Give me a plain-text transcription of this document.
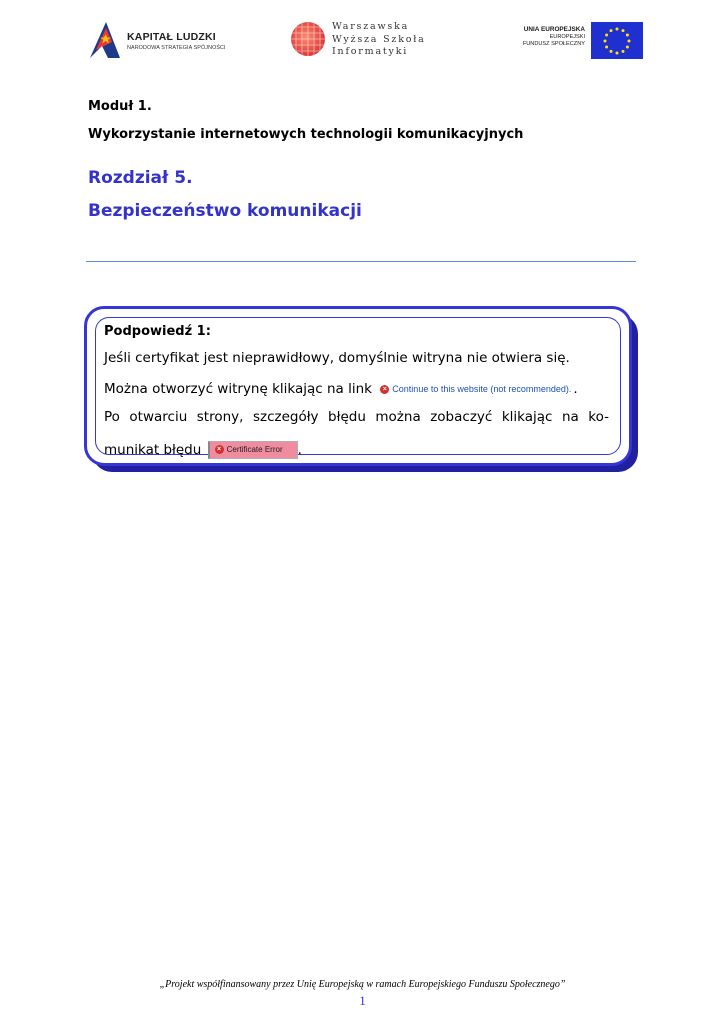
KAPITAŁ LUDZKI
NARODOWA STRATEGIA SPÓJNOŚCI
Warszawska
Wyższa Szkoła
Informatyki
UNIA EUROPEJSKA
EUROPEJSKI
FUNDUSZ SPOŁECZNY
Moduł 1.
Wykorzystanie internetowych technologii komunikacyjnych
Rozdział 5.
Bezpieczeństwo komunikacji
Podpowiedź 1:
Jeśli certyfikat jest nieprawidłowy, domyślnie witryna nie otwiera się.
Można otworzyć witrynę klikając na link × Continue to this website (not recommended). .
Po otwarciu strony, szczegóły błędu można zobaczyć klikając na ko-
munikat błędu × Certificate Error .
„Projekt współfinansowany przez Unię Europejską w ramach Europejskiego Funduszu Społecznego”
1
